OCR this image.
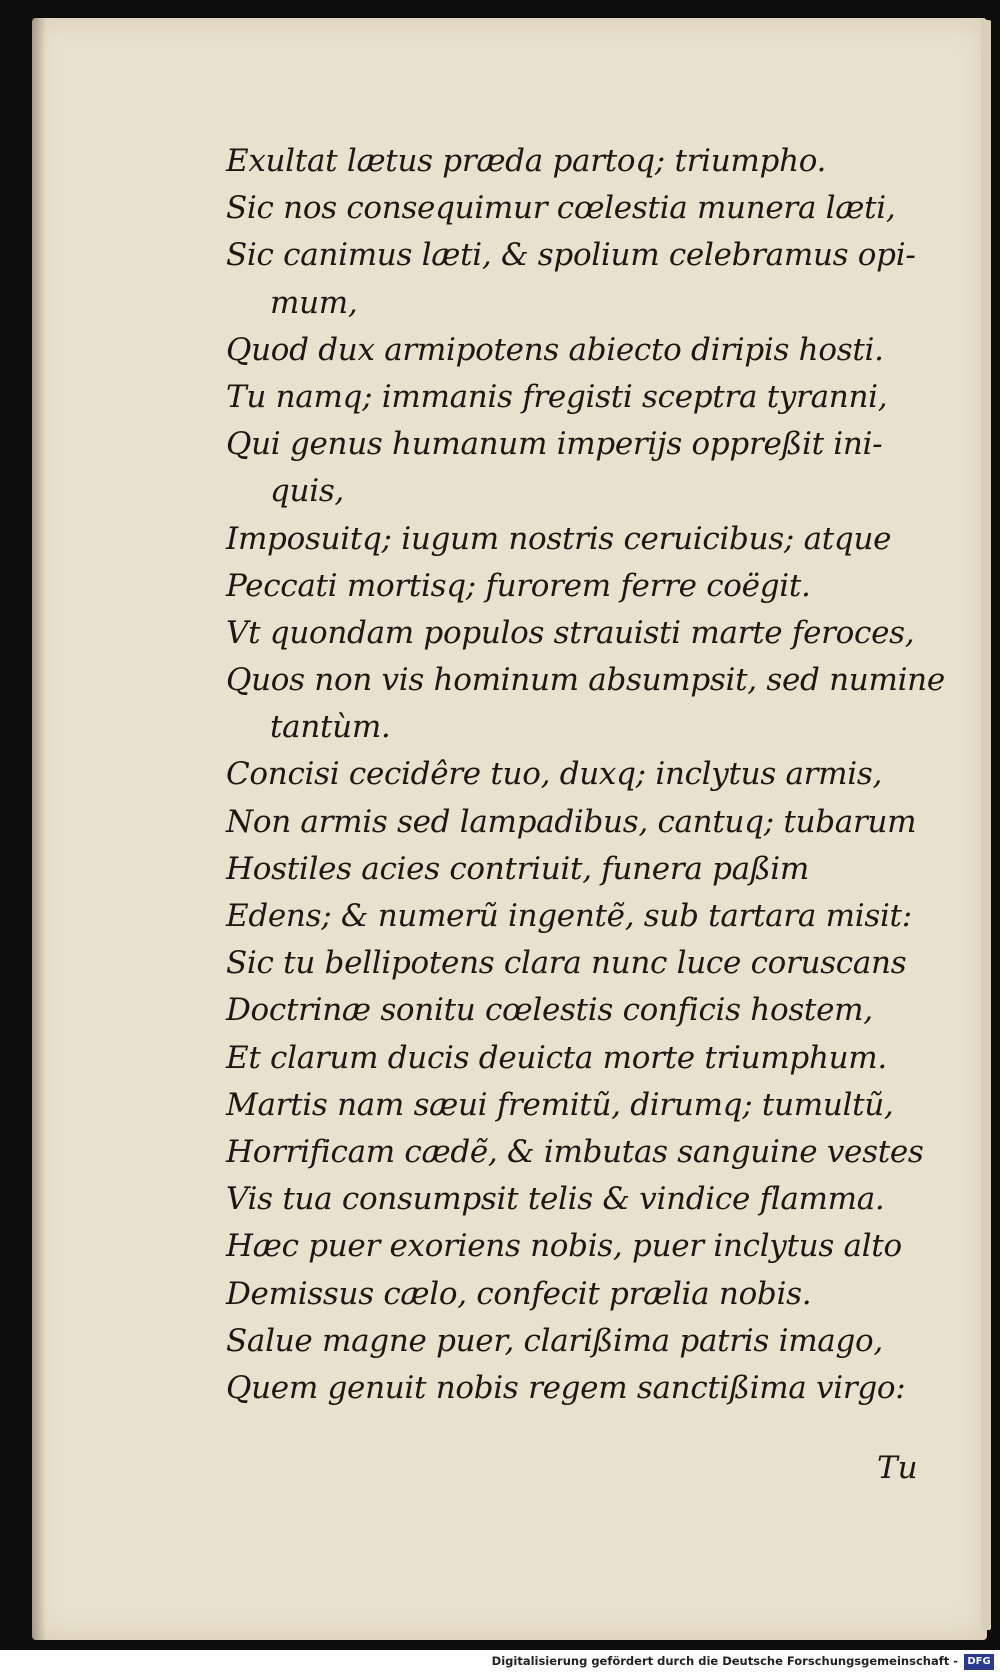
Exultat lætus præda partoq; triumpho.
Sic nos consequimur cœlestia munera læti,
Sic canimus læti, & spolium celebramus opi-
mum,
Quod dux armipotens abiecto diripis hosti.
Tu namq; immanis fregisti sceptra tyranni,
Qui genus humanum imperijs oppreßit ini-
quis,
Imposuitq; iugum nostris ceruicibus; atque
Peccati mortisq; furorem ferre coëgit.
Vt quondam populos strauisti marte feroces,
Quos non vis hominum absumpsit, sed numine
tantùm.
Concisi cecidêre tuo, duxq; inclytus armis,
Non armis sed lampadibus, cantuq; tubarum
Hostiles acies contriuit, funera paßim
Edens; & numerũ ingentẽ, sub tartara misit:
Sic tu bellipotens clara nunc luce coruscans
Doctrinæ sonitu cœlestis conficis hostem,
Et clarum ducis deuicta morte triumphum.
Martis nam sæui fremitũ, dirumq; tumultũ,
Horrificam cædẽ, & imbutas sanguine vestes
Vis tua consumpsit telis & vindice flamma.
Hæc puer exoriens nobis, puer inclytus alto
Demissus cælo, confecit prælia nobis.
Salue magne puer, clarißima patris imago,
Quem genuit nobis regem sanctißima virgo:
Tu
Digitalisierung gefördert durch die Deutsche Forschungsgemeinschaft - DFG
